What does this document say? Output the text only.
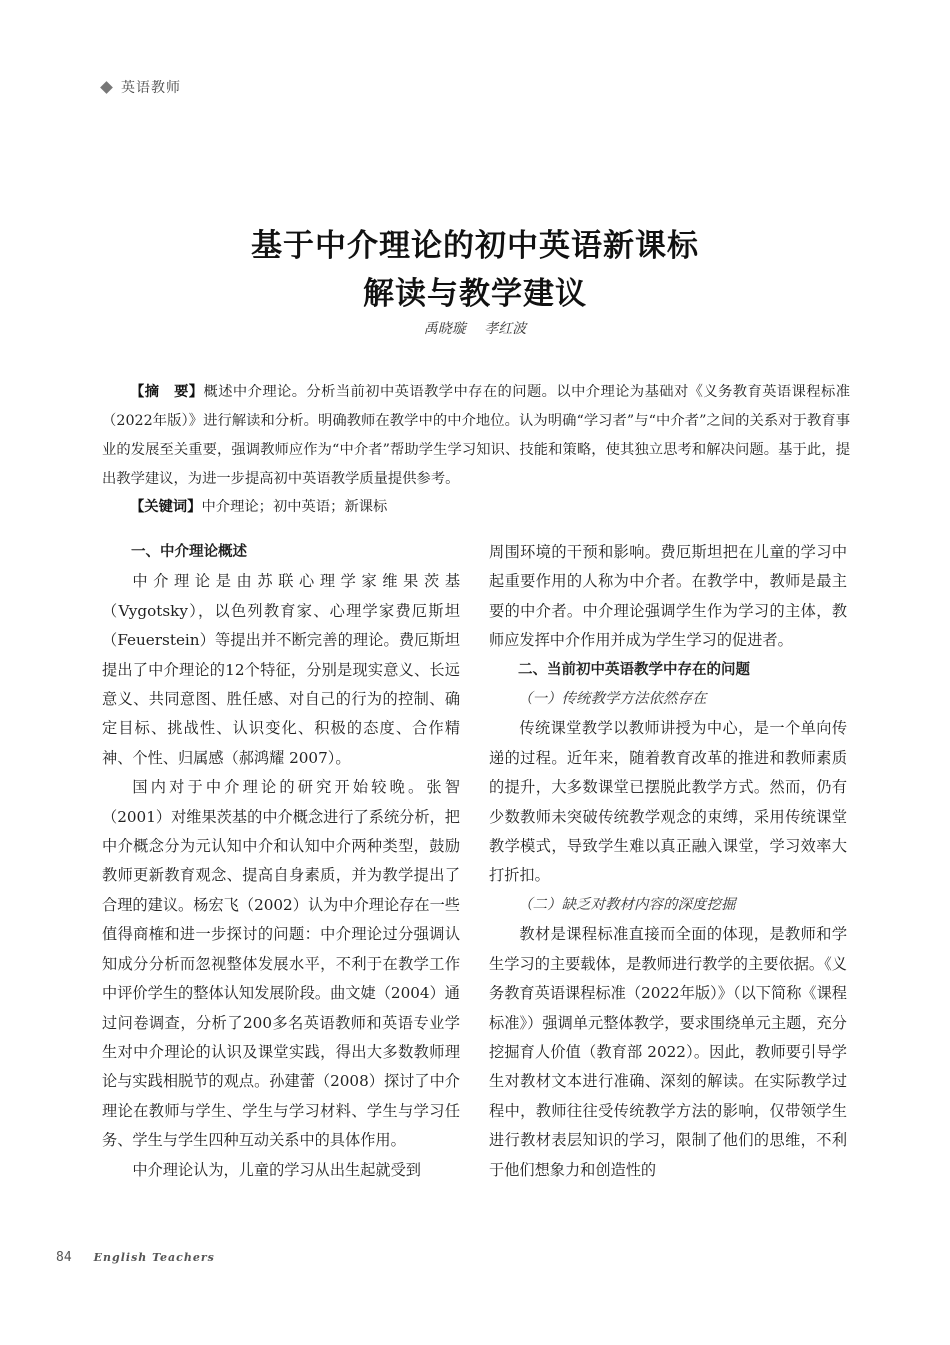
英语教师
基于中介理论的初中英语新课标
解读与教学建议
禹晓璇 孝红波
【摘　要】概述中介理论。分析当前初中英语教学中存在的问题。以中介理论为基础对《义务教育英语课程标准（2022年版）》进行解读和分析。明确教师在教学中的中介地位。认为明确“学习者”与“中介者”之间的关系对于教育事业的发展至关重要，强调教师应作为“中介者”帮助学生学习知识、技能和策略，使其独立思考和解决问题。基于此，提出教学建议，为进一步提高初中英语教学质量提供参考。
【关键词】中介理论；初中英语；新课标

一、中介理论概述

中介理论是由苏联心理学家维果茨基（Vygotsky），以色列教育家、心理学家费厄斯坦（Feuerstein）等提出并不断完善的理论。费厄斯坦提出了中介理论的12个特征，分别是现实意义、长远意义、共同意图、胜任感、对自己的行为的控制、确定目标、挑战性、认识变化、积极的态度、合作精神、个性、归属感（郝鸿耀 2007）。

国内对于中介理论的研究开始较晚。张智（2001）对维果茨基的中介概念进行了系统分析，把中介概念分为元认知中介和认知中介两种类型，鼓励教师更新教育观念、提高自身素质，并为教学提出了合理的建议。杨宏飞（2002）认为中介理论存在一些值得商榷和进一步探讨的问题：中介理论过分强调认知成分分析而忽视整体发展水平，不利于在教学工作中评价学生的整体认知发展阶段。曲文婕（2004）通过问卷调查，分析了200多名英语教师和英语专业学生对中介理论的认识及课堂实践，得出大多数教师理论与实践相脱节的观点。孙建蕾（2008）探讨了中介理论在教师与学生、学生与学习材料、学生与学习任务、学生与学生四种互动关系中的具体作用。

中介理论认为，儿童的学习从出生起就受到

周围环境的干预和影响。费厄斯坦把在儿童的学习中起重要作用的人称为中介者。在教学中，教师是最主要的中介者。中介理论强调学生作为学习的主体，教师应发挥中介作用并成为学生学习的促进者。

二、当前初中英语教学中存在的问题

（一）传统教学方法依然存在

传统课堂教学以教师讲授为中心，是一个单向传递的过程。近年来，随着教育改革的推进和教师素质的提升，大多数课堂已摆脱此教学方式。然而，仍有少数教师未突破传统教学观念的束缚，采用传统课堂教学模式，导致学生难以真正融入课堂，学习效率大打折扣。

（二）缺乏对教材内容的深度挖掘

教材是课程标准直接而全面的体现，是教师和学生学习的主要载体，是教师进行教学的主要依据。《义务教育英语课程标准（2022年版）》（以下简称《课程标准》）强调单元整体教学，要求围绕单元主题，充分挖掘育人价值（教育部 2022）。因此，教师要引导学生对教材文本进行准确、深刻的解读。在实际教学过程中，教师往往受传统教学方法的影响，仅带领学生进行教材表层知识的学习，限制了他们的思维，不利于他们想象力和创造性的

84 English Teachers
